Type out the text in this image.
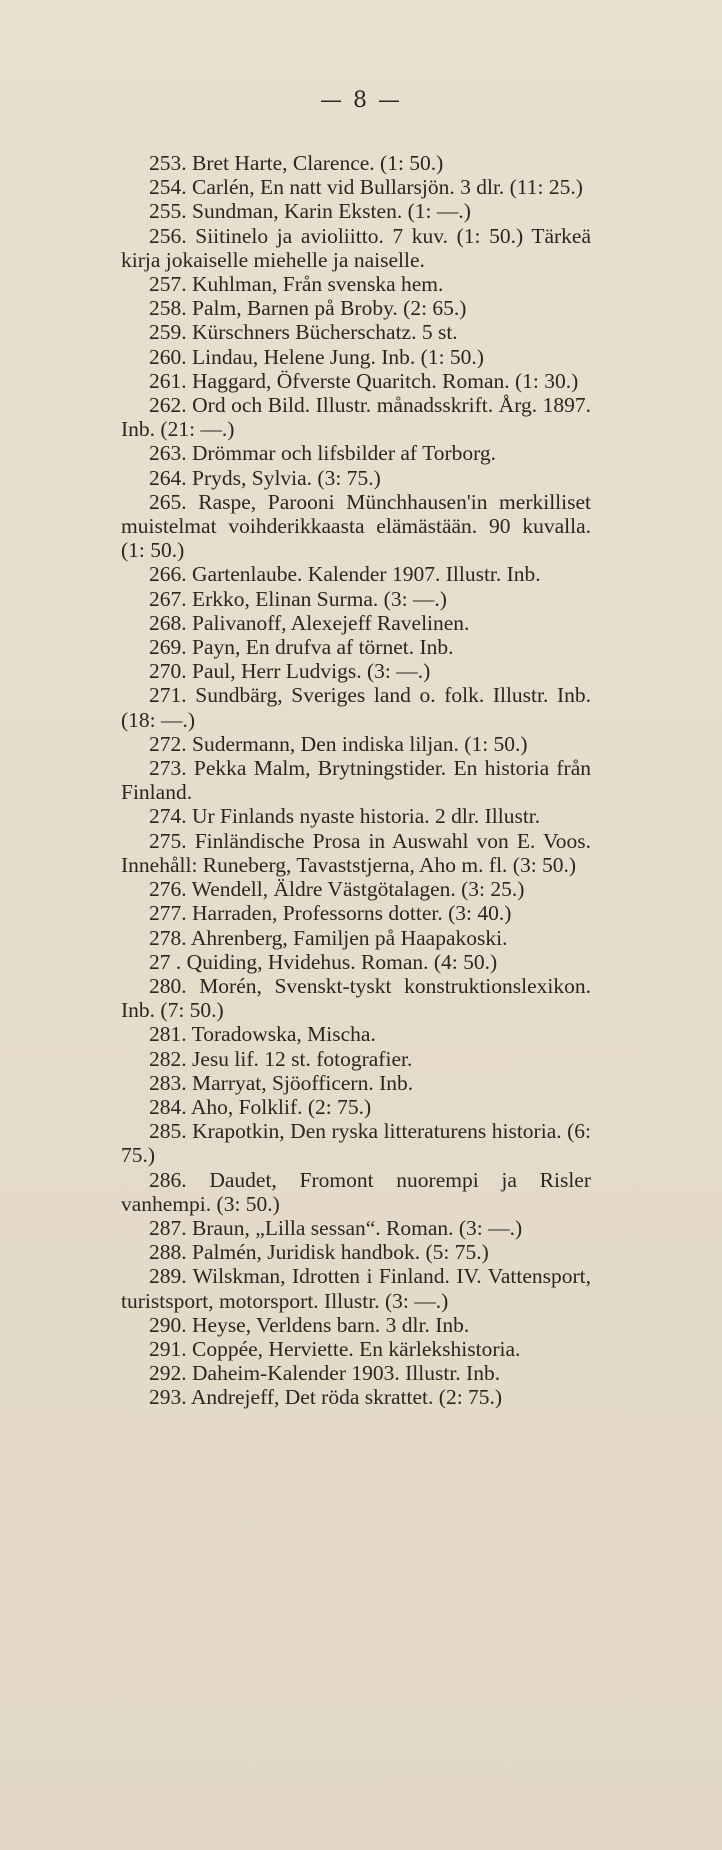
— 8 —

253. Bret Harte, Clarence. (1: 50.)

254. Carlén, En natt vid Bullarsjön. 3 dlr. (11: 25.)

255. Sundman, Karin Eksten. (1: —.)

256. Siitinelo ja avioliitto. 7 kuv. (1: 50.) Tärkeä kirja jokaiselle miehelle ja naiselle.

257. Kuhlman, Från svenska hem.

258. Palm, Barnen på Broby. (2: 65.)

259. Kürschners Bücherschatz. 5 st.

260. Lindau, Helene Jung. Inb. (1: 50.)

261. Haggard, Öfverste Quaritch. Roman. (1: 30.)

262. Ord och Bild. Illustr. månadsskrift. Årg. 1897. Inb. (21: —.)

263. Drömmar och lifsbilder af Torborg.

264. Pryds, Sylvia. (3: 75.)

265. Raspe, Parooni Münchhausen'in merkilliset muistelmat voihderikkaasta elämästään. 90 kuvalla. (1: 50.)

266. Gartenlaube. Kalender 1907. Illustr. Inb.

267. Erkko, Elinan Surma. (3: —.)

268. Palivanoff, Alexejeff Ravelinen.

269. Payn, En drufva af törnet. Inb.

270. Paul, Herr Ludvigs. (3: —.)

271. Sundbärg, Sveriges land o. folk. Illustr. Inb. (18: —.)

272. Sudermann, Den indiska liljan. (1: 50.)

273. Pekka Malm, Brytningstider. En historia från Finland.

274. Ur Finlands nyaste historia. 2 dlr. Illustr.

275. Finländische Prosa in Auswahl von E. Voos. Innehåll: Runeberg, Tavaststjerna, Aho m. fl. (3: 50.)

276. Wendell, Äldre Västgötalagen. (3: 25.)

277. Harraden, Professorns dotter. (3: 40.)

278. Ahrenberg, Familjen på Haapakoski.

27 . Quiding, Hvidehus. Roman. (4: 50.)

280. Morén, Svenskt-tyskt konstruktionslexikon. Inb. (7: 50.)

281. Toradowska, Mischa.

282. Jesu lif. 12 st. fotografier.

283. Marryat, Sjöofficern. Inb.

284. Aho, Folklif. (2: 75.)

285. Krapotkin, Den ryska litteraturens historia. (6: 75.)

286. Daudet, Fromont nuorempi ja Risler vanhempi. (3: 50.)

287. Braun, „Lilla sessan“. Roman. (3: —.)

288. Palmén, Juridisk handbok. (5: 75.)

289. Wilskman, Idrotten i Finland. IV. Vattensport, turistsport, motorsport. Illustr. (3: —.)

290. Heyse, Verldens barn. 3 dlr. Inb.

291. Coppée, Herviette. En kärlekshistoria.

292. Daheim-Kalender 1903. Illustr. Inb.

293. Andrejeff, Det röda skrattet. (2: 75.)
